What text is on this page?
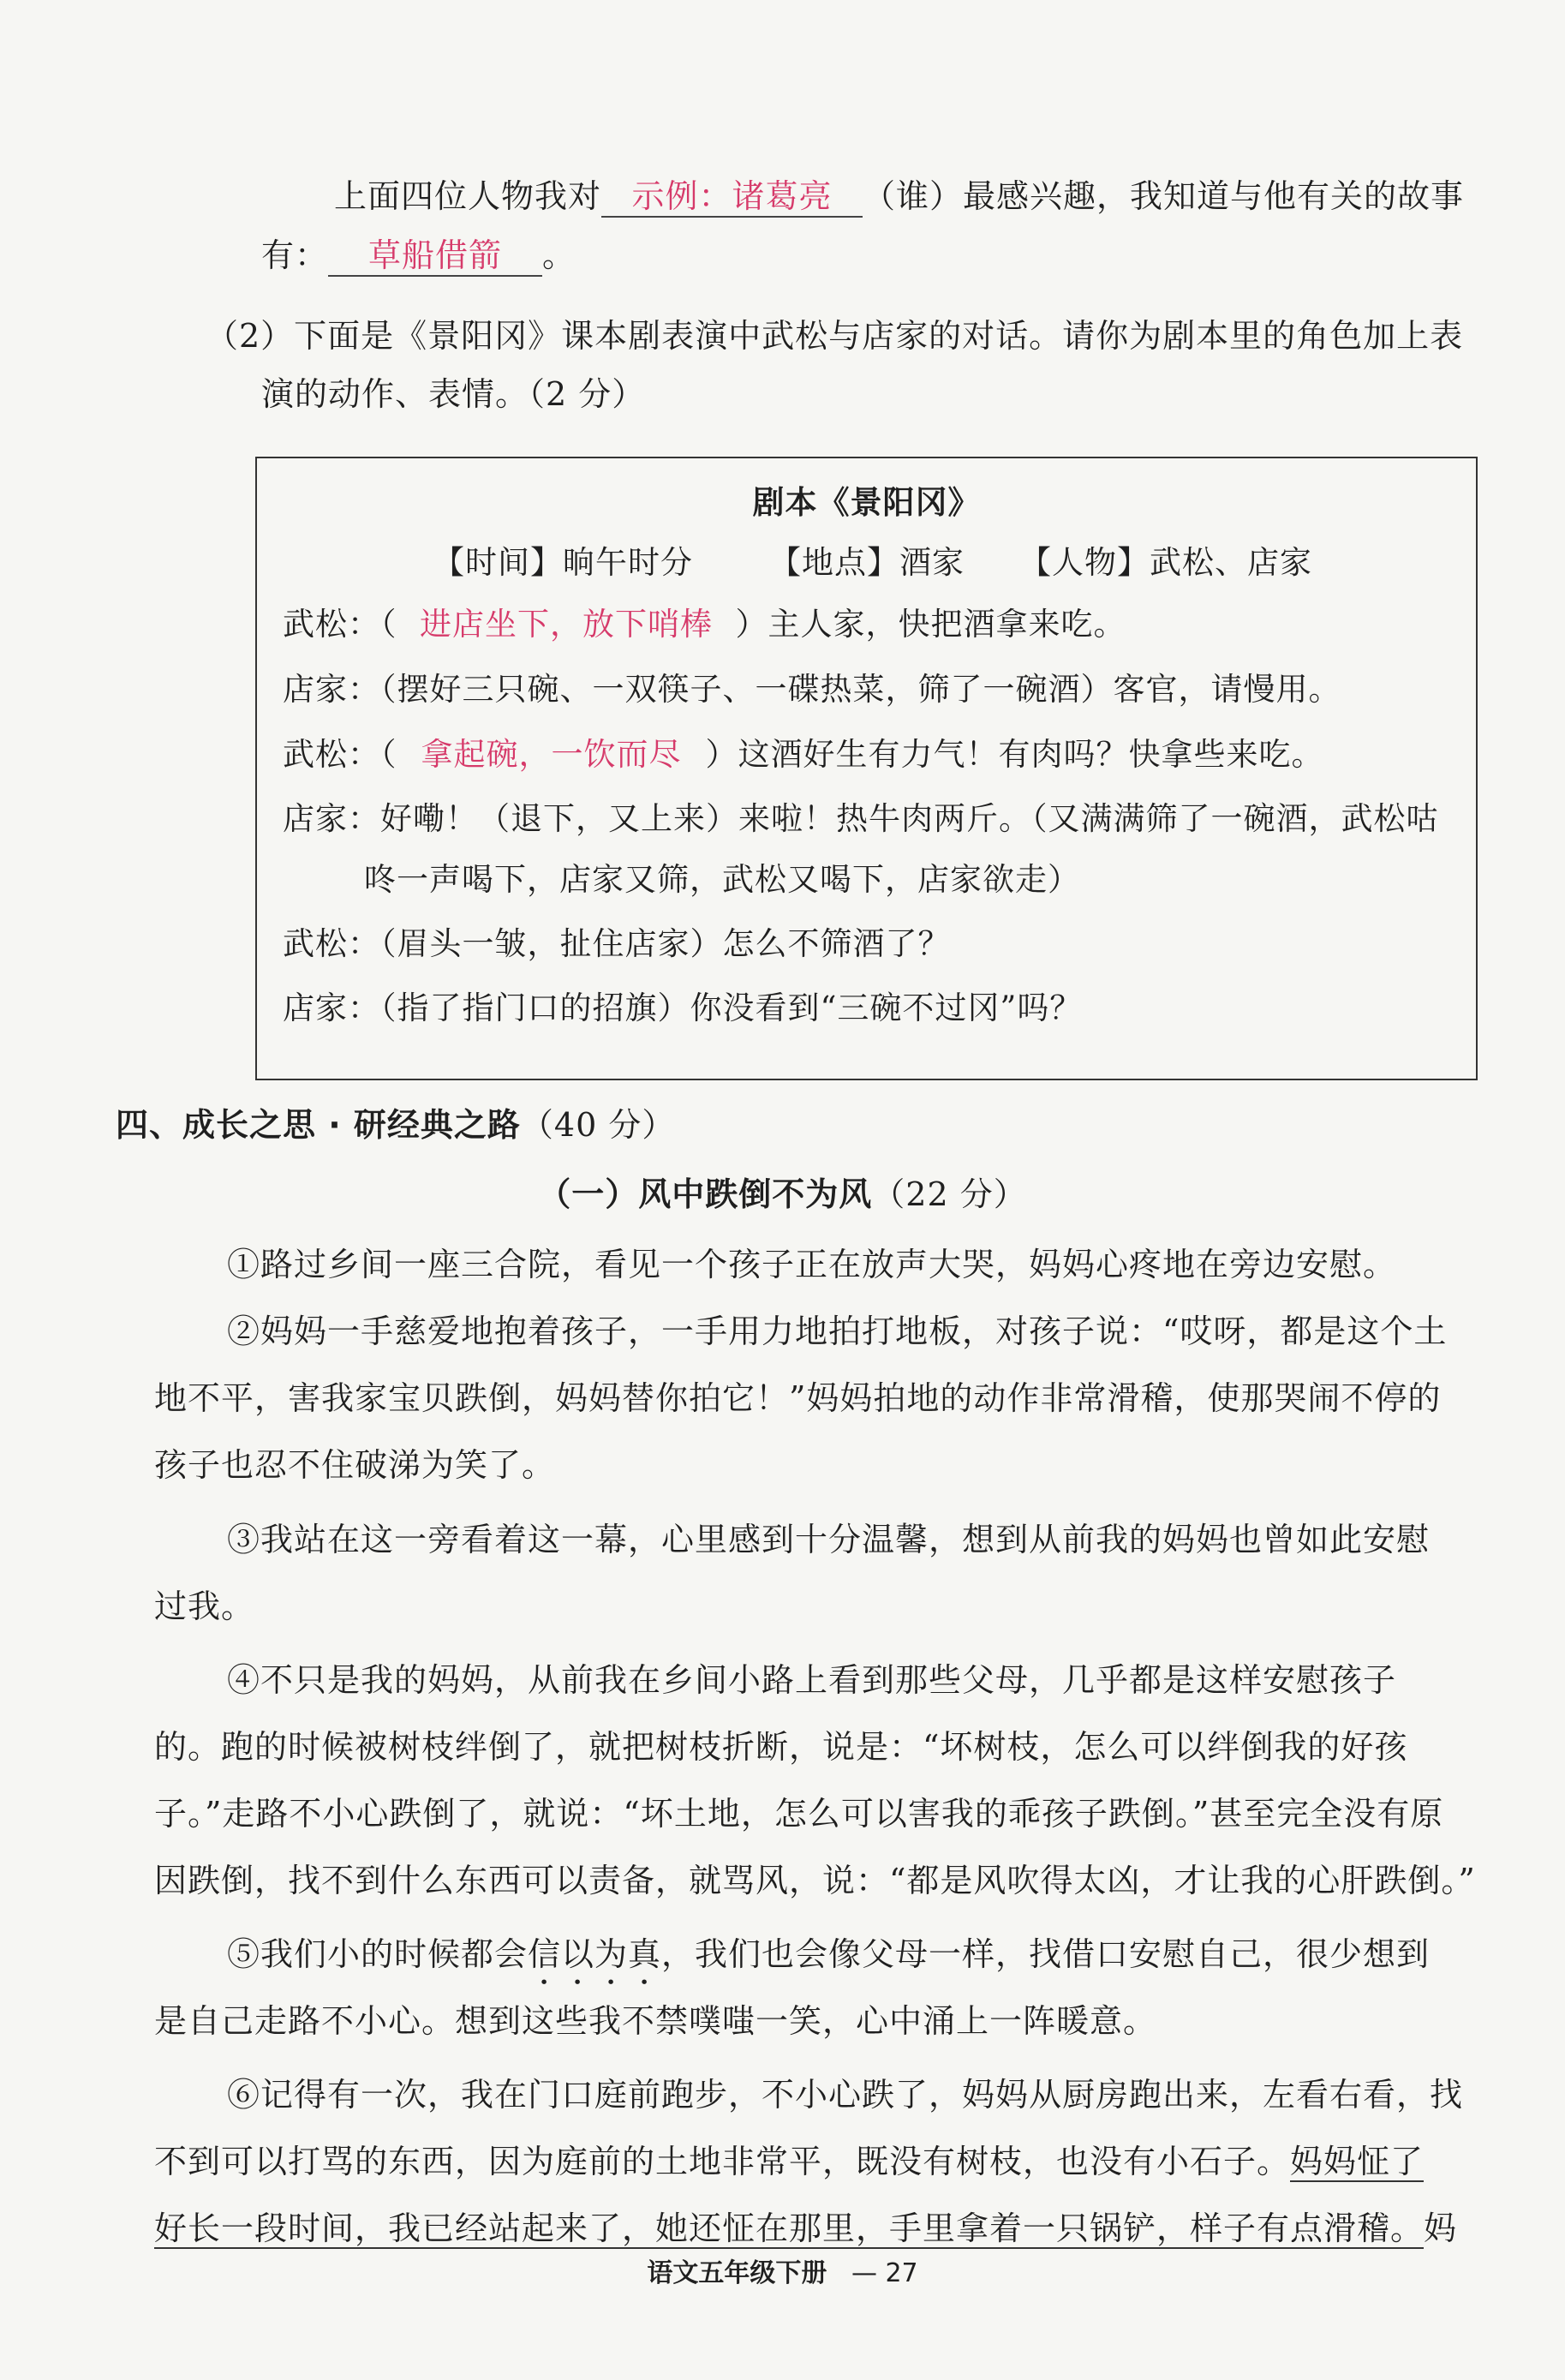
上面四位人物我对 示例：诸葛亮 （谁）最感兴趣，我知道与他有关的故事
有： 草船借箭 。
（2）下面是《景阳冈》课本剧表演中武松与店家的对话。请你为剧本里的角色加上表
演的动作、表情。（2 分）
剧本《景阳冈》
【时间】晌午时分 【地点】酒家 【人物】武松、店家
武松：（ 进店坐下，放下哨棒 ）主人家，快把酒拿来吃。
店家：（摆好三只碗、一双筷子、一碟热菜，筛了一碗酒）客官，请慢用。
武松：（ 拿起碗，一饮而尽 ）这酒好生有力气！有肉吗？快拿些来吃。
店家：好嘞！（退下，又上来）来啦！热牛肉两斤。（又满满筛了一碗酒，武松咕
咚一声喝下，店家又筛，武松又喝下，店家欲走）
武松：（眉头一皱，扯住店家）怎么不筛酒了？
店家：（指了指门口的招旗）你没看到“三碗不过冈”吗？
四、成长之思 · 研经典之路（40 分）
（一）风中跌倒不为风（22 分）
①路过乡间一座三合院，看见一个孩子正在放声大哭，妈妈心疼地在旁边安慰。
②妈妈一手慈爱地抱着孩子，一手用力地拍打地板，对孩子说：“哎呀，都是这个土
地不平，害我家宝贝跌倒，妈妈替你拍它！”妈妈拍地的动作非常滑稽，使那哭闹不停的
孩子也忍不住破涕为笑了。
③我站在这一旁看着这一幕，心里感到十分温馨，想到从前我的妈妈也曾如此安慰
过我。
④不只是我的妈妈，从前我在乡间小路上看到那些父母，几乎都是这样安慰孩子
的。跑的时候被树枝绊倒了，就把树枝折断，说是：“坏树枝，怎么可以绊倒我的好孩
子。”走路不小心跌倒了，就说：“坏土地，怎么可以害我的乖孩子跌倒。”甚至完全没有原
因跌倒，找不到什么东西可以责备，就骂风，说：“都是风吹得太凶，才让我的心肝跌倒。”
⑤我们小的时候都会信以为真，我们也会像父母一样，找借口安慰自己，很少想到
是自己走路不小心。想到这些我不禁噗嗤一笑，心中涌上一阵暖意。
⑥记得有一次，我在门口庭前跑步，不小心跌了，妈妈从厨房跑出来，左看右看，找
不到可以打骂的东西，因为庭前的土地非常平，既没有树枝，也没有小石子。妈妈怔了
好长一段时间，我已经站起来了，她还怔在那里，手里拿着一只锅铲，样子有点滑稽。妈
语文五年级下册 — 27
